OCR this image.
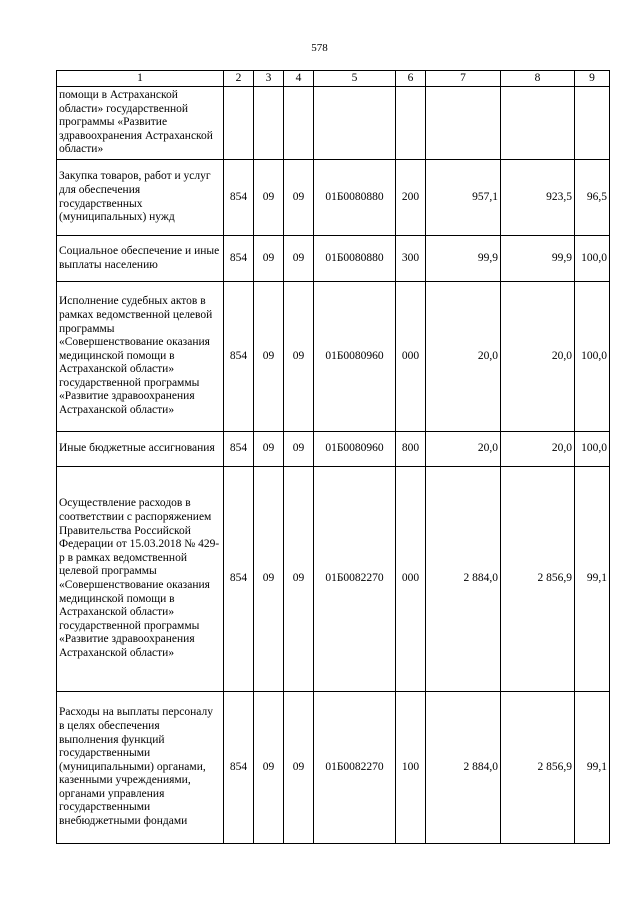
578
1	2	3	4	5	6	7	8	9
помощи в Астраханской области» государственной программы «Развитие здравоохранения Астраханской области»								
Закупка товаров, работ и услуг для обеспечения государственных (муниципальных) нужд	854	09	09	01Б0080880	200	957,1	923,5	96,5
Социальное обеспечение и иные выплаты населению	854	09	09	01Б0080880	300	99,9	99,9	100,0
Исполнение судебных актов в рамках ведомственной целевой программы «Совершенствование оказания медицинской помощи в Астраханской области» государственной программы «Развитие здравоохранения Астраханской области»	854	09	09	01Б0080960	000	20,0	20,0	100,0
Иные бюджетные ассигнования	854	09	09	01Б0080960	800	20,0	20,0	100,0
Осуществление расходов в соответствии с распоряжением Правительства Российской Федерации от 15.03.2018 № 429-р в рамках ведомственной целевой программы «Совершенствование оказания медицинской помощи в Астраханской области» государственной программы «Развитие здравоохранения Астраханской области»	854	09	09	01Б0082270	000	2 884,0	2 856,9	99,1
Расходы на выплаты персоналу в целях обеспечения выполнения функций государственными (муниципальными) органами, казенными учреждениями, органами управления государственными внебюджетными фондами	854	09	09	01Б0082270	100	2 884,0	2 856,9	99,1
